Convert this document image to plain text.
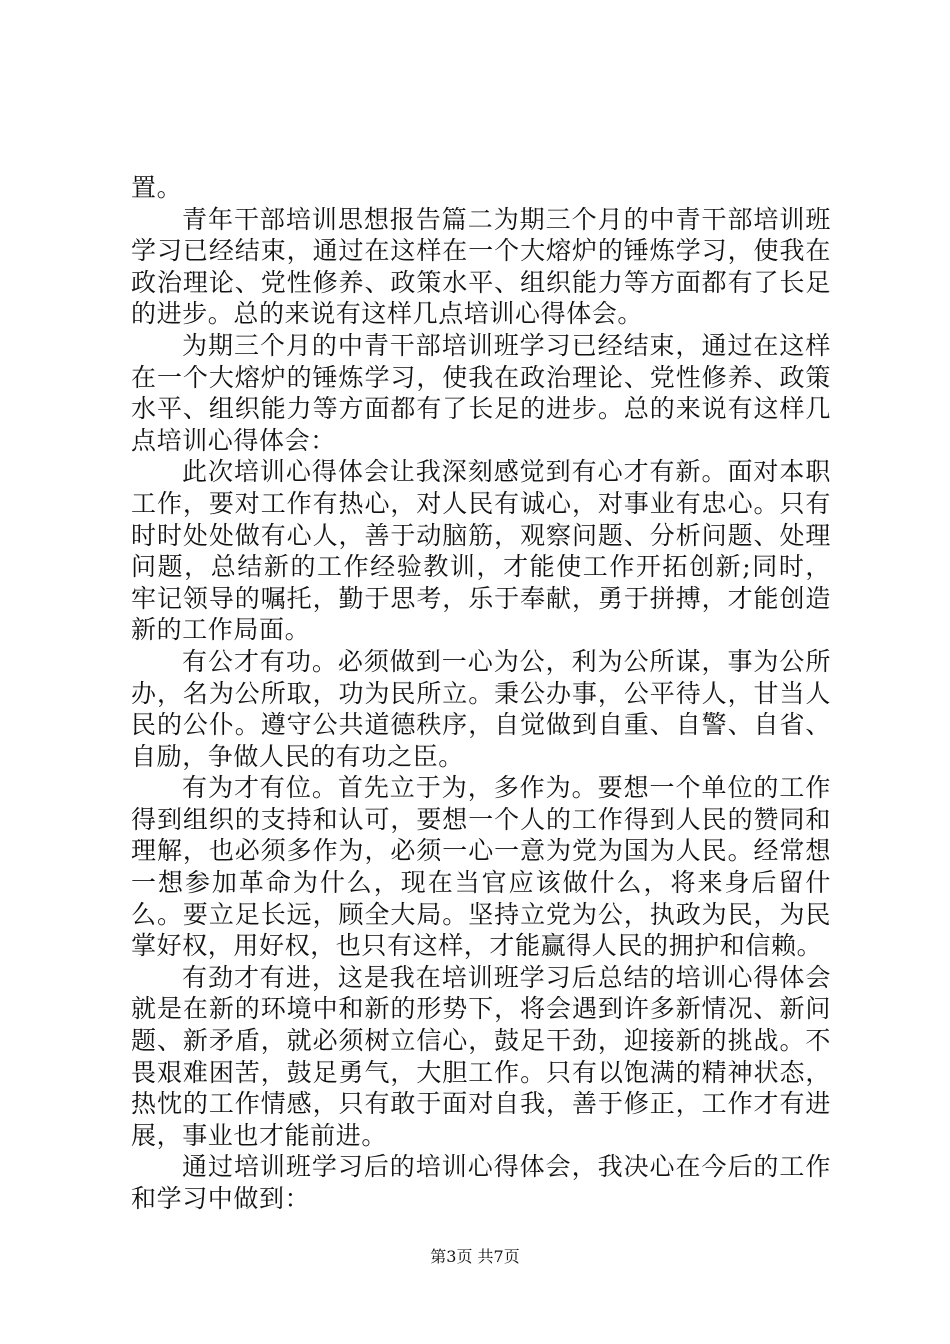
置。

青年干部培训思想报告篇二为期三个月的中青干部培训班学习已经结束，通过在这样在一个大熔炉的锤炼学习，使我在政治理论、党性修养、政策水平、组织能力等方面都有了长足的进步。总的来说有这样几点培训心得体会。

为期三个月的中青干部培训班学习已经结束，通过在这样在一个大熔炉的锤炼学习，使我在政治理论、党性修养、政策水平、组织能力等方面都有了长足的进步。总的来说有这样几点培训心得体会：

此次培训心得体会让我深刻感觉到有心才有新。面对本职工作，要对工作有热心，对人民有诚心，对事业有忠心。只有时时处处做有心人，善于动脑筋，观察问题、分析问题、处理问题，总结新的工作经验教训，才能使工作开拓创新;同时，牢记领导的嘱托，勤于思考，乐于奉献，勇于拼搏，才能创造新的工作局面。

有公才有功。必须做到一心为公，利为公所谋，事为公所办，名为公所取，功为民所立。秉公办事，公平待人，甘当人民的公仆。遵守公共道德秩序，自觉做到自重、自警、自省、自励，争做人民的有功之臣。

有为才有位。首先立于为，多作为。要想一个单位的工作得到组织的支持和认可，要想一个人的工作得到人民的赞同和理解，也必须多作为，必须一心一意为党为国为人民。经常想一想参加革命为什么，现在当官应该做什么，将来身后留什么。要立足长远，顾全大局。坚持立党为公，执政为民，为民掌好权，用好权，也只有这样，才能赢得人民的拥护和信赖。

有劲才有进，这是我在培训班学习后总结的培训心得体会就是在新的环境中和新的形势下，将会遇到许多新情况、新问题、新矛盾，就必须树立信心，鼓足干劲，迎接新的挑战。不畏艰难困苦，鼓足勇气，大胆工作。只有以饱满的精神状态，热忱的工作情感，只有敢于面对自我，善于修正，工作才有进展，事业也才能前进。

通过培训班学习后的培训心得体会，我决心在今后的工作和学习中做到：

第3页 共7页
